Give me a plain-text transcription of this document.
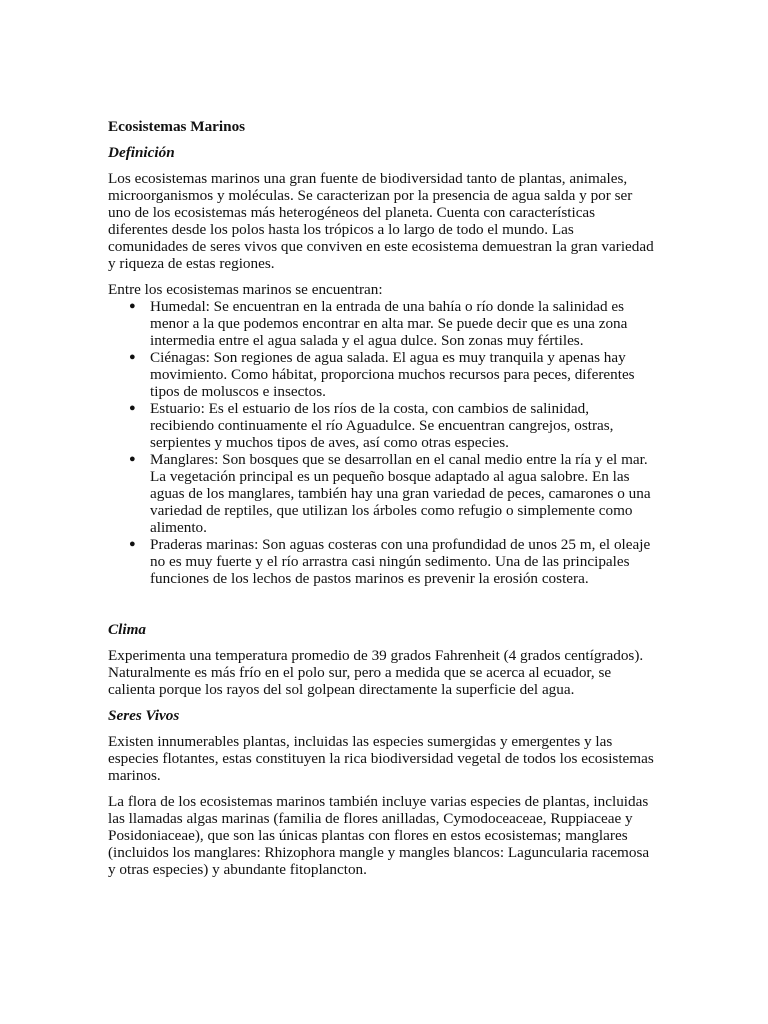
Ecosistemas Marinos
Definición

Los ecosistemas marinos una gran fuente de biodiversidad tanto de plantas, animales, microorganismos y moléculas. Se caracterizan por la presencia de agua salda y por ser uno de los ecosistemas más heterogéneos del planeta. Cuenta con características diferentes desde los polos hasta los trópicos a lo largo de todo el mundo. Las comunidades de seres vivos que conviven en este ecosistema demuestran la gran variedad y riqueza de estas regiones.

Entre los ecosistemas marinos se encuentran:

● Humedal: Se encuentran en la entrada de una bahía o río donde la salinidad es menor a la que podemos encontrar en alta mar. Se puede decir que es una zona intermedia entre el agua salada y el agua dulce. Son zonas muy fértiles.
● Ciénagas: Son regiones de agua salada. El agua es muy tranquila y apenas hay movimiento. Como hábitat, proporciona muchos recursos para peces, diferentes tipos de moluscos e insectos.
● Estuario: Es el estuario de los ríos de la costa, con cambios de salinidad, recibiendo continuamente el río Aguadulce. Se encuentran cangrejos, ostras, serpientes y muchos tipos de aves, así como otras especies.
● Manglares: Son bosques que se desarrollan en el canal medio entre la ría y el mar. La vegetación principal es un pequeño bosque adaptado al agua salobre. En las aguas de los manglares, también hay una gran variedad de peces, camarones o una variedad de reptiles, que utilizan los árboles como refugio o simplemente como alimento.
● Praderas marinas: Son aguas costeras con una profundidad de unos 25 m, el oleaje no es muy fuerte y el río arrastra casi ningún sedimento. Una de las principales funciones de los lechos de pastos marinos es prevenir la erosión costera.
Clima

Experimenta una temperatura promedio de 39 grados Fahrenheit (4 grados centígrados). Naturalmente es más frío en el polo sur, pero a medida que se acerca al ecuador, se calienta porque los rayos del sol golpean directamente la superficie del agua.

Seres Vivos

Existen innumerables plantas, incluidas las especies sumergidas y emergentes y las especies flotantes, estas constituyen la rica biodiversidad vegetal de todos los ecosistemas marinos.

La flora de los ecosistemas marinos también incluye varias especies de plantas, incluidas las llamadas algas marinas (familia de flores anilladas, Cymodoceaceae, Ruppiaceae y Posidoniaceae), que son las únicas plantas con flores en estos ecosistemas; manglares (incluidos los manglares: Rhizophora mangle y mangles blancos: Laguncularia racemosa y otras especies) y abundante fitoplancton.
